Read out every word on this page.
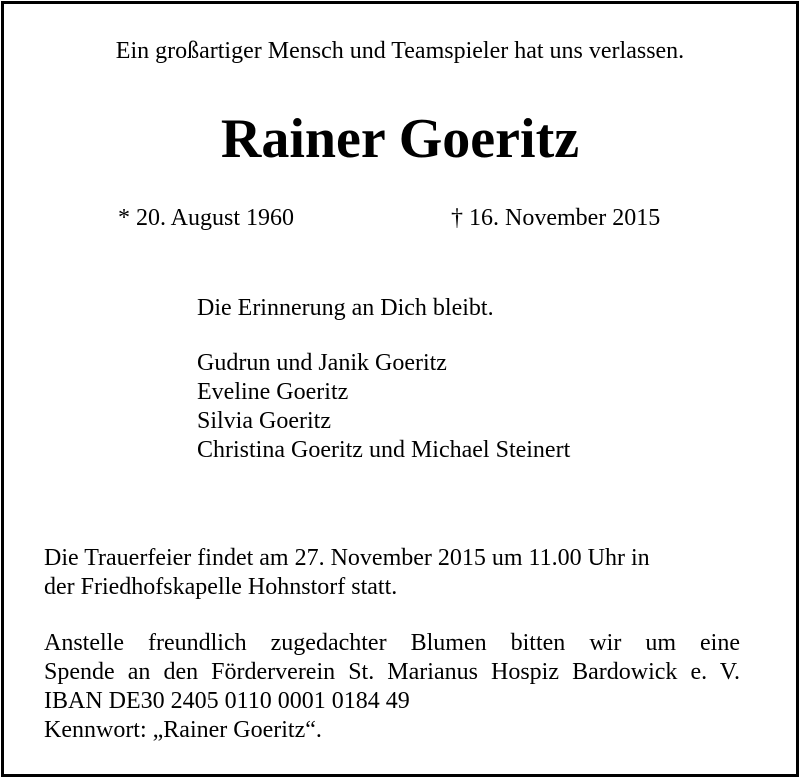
Ein großartiger Mensch und Teamspieler hat uns verlassen.
Rainer Goeritz
* 20. August 1960	† 16. November 2015
Die Erinnerung an Dich bleibt.
Gudrun und Janik Goeritz
Eveline Goeritz
Silvia Goeritz
Christina Goeritz und Michael Steinert
Die Trauerfeier findet am 27. November 2015 um 11.00 Uhr in
der Friedhofskapelle Hohnstorf statt.
Anstelle freundlich zugedachter Blumen bitten wir um eine
Spende an den Förderverein St. Marianus Hospiz Bardowick e. V.
IBAN DE30 2405 0110 0001 0184 49
Kennwort: „Rainer Goeritz“.
